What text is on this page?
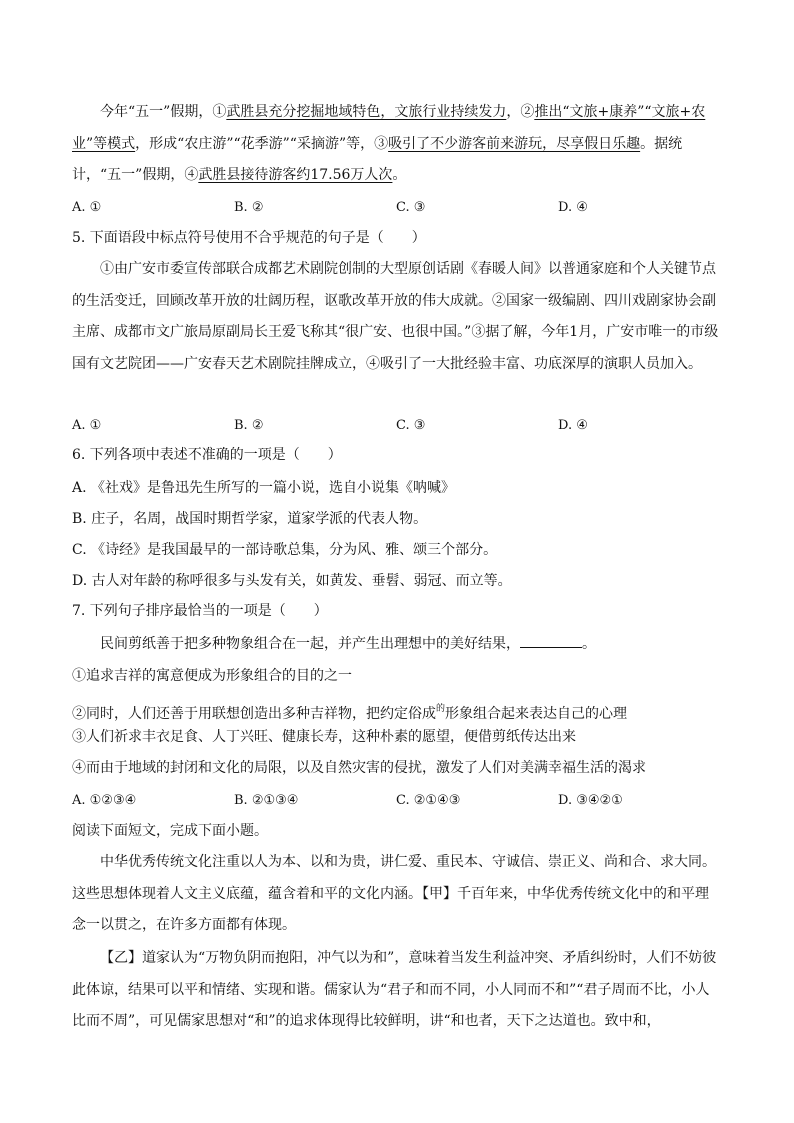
今年“五一”假期，①武胜县充分挖掘地域特色，文旅行业持续发力，②推出“文旅+康养”“文旅+农业”等模式，形成“农庄游”“花季游”“采摘游”等，③吸引了不少游客前来游玩，尽享假日乐趣。据统计，“五一”假期，④武胜县接待游客约17.56万人次。

A. ①	B. ②	C. ③	D. ④

5. 下面语段中标点符号使用不合乎规范的句子是（　　）

①由广安市委宣传部联合成都艺术剧院创制的大型原创话剧《春暖人间》以普通家庭和个人关键节点的生活变迁，回顾改革开放的壮阔历程，讴歌改革开放的伟大成就。②国家一级编剧、四川戏剧家协会副主席、成都市文广旅局原副局长王爱飞称其“很广安、也很中国。”③据了解，今年1月，广安市唯一的市级国有文艺院团——广安春天艺术剧院挂牌成立，④吸引了一大批经验丰富、功底深厚的演职人员加入。

A. ①	B. ②	C. ③	D. ④

6. 下列各项中表述不准确的一项是（　　）

A. 《社戏》是鲁迅先生所写的一篇小说，选自小说集《呐喊》

B. 庄子，名周，战国时期哲学家，道家学派的代表人物。

C. 《诗经》是我国最早的一部诗歌总集，分为风、雅、颂三个部分。

D. 古人对年龄的称呼很多与头发有关，如黄发、垂髫、弱冠、而立等。

7. 下列句子排序最恰当的一项是（　　）

民间剪纸善于把多种物象组合在一起，并产生出理想中的美好结果，	。

①追求吉祥的寓意便成为形象组合的目的之一

②同时，人们还善于用联想创造出多种吉祥物，把约定俗成$^的$形象组合起来表达自己的心理

③人们祈求丰衣足食、人丁兴旺、健康长寿，这种朴素的愿望，便借剪纸传达出来

④而由于地域的封闭和文化的局限，以及自然灾害的侵扰，激发了人们对美满幸福生活的渴求

A. ①②③④	B. ②①③④	C. ②①④③	D. ③④②①

阅读下面短文，完成下面小题。

中华优秀传统文化注重以人为本、以和为贵，讲仁爱、重民本、守诚信、崇正义、尚和合、求大同。这些思想体现着人文主义底蕴，蕴含着和平的文化内涵。【甲】千百年来，中华优秀传统文化中的和平理念一以贯之，在许多方面都有体现。

【乙】道家认为“万物负阴而抱阳，冲气以为和”，意味着当发生利益冲突、矛盾纠纷时，人们不妨彼此体谅，结果可以平和情绪、实现和谐。儒家认为“君子和而不同，小人同而不和”“君子周而不比，小人比而不周”，可见儒家思想对“和”的追求体现得比较鲜明，讲“和也者，天下之达道也。致中和，
